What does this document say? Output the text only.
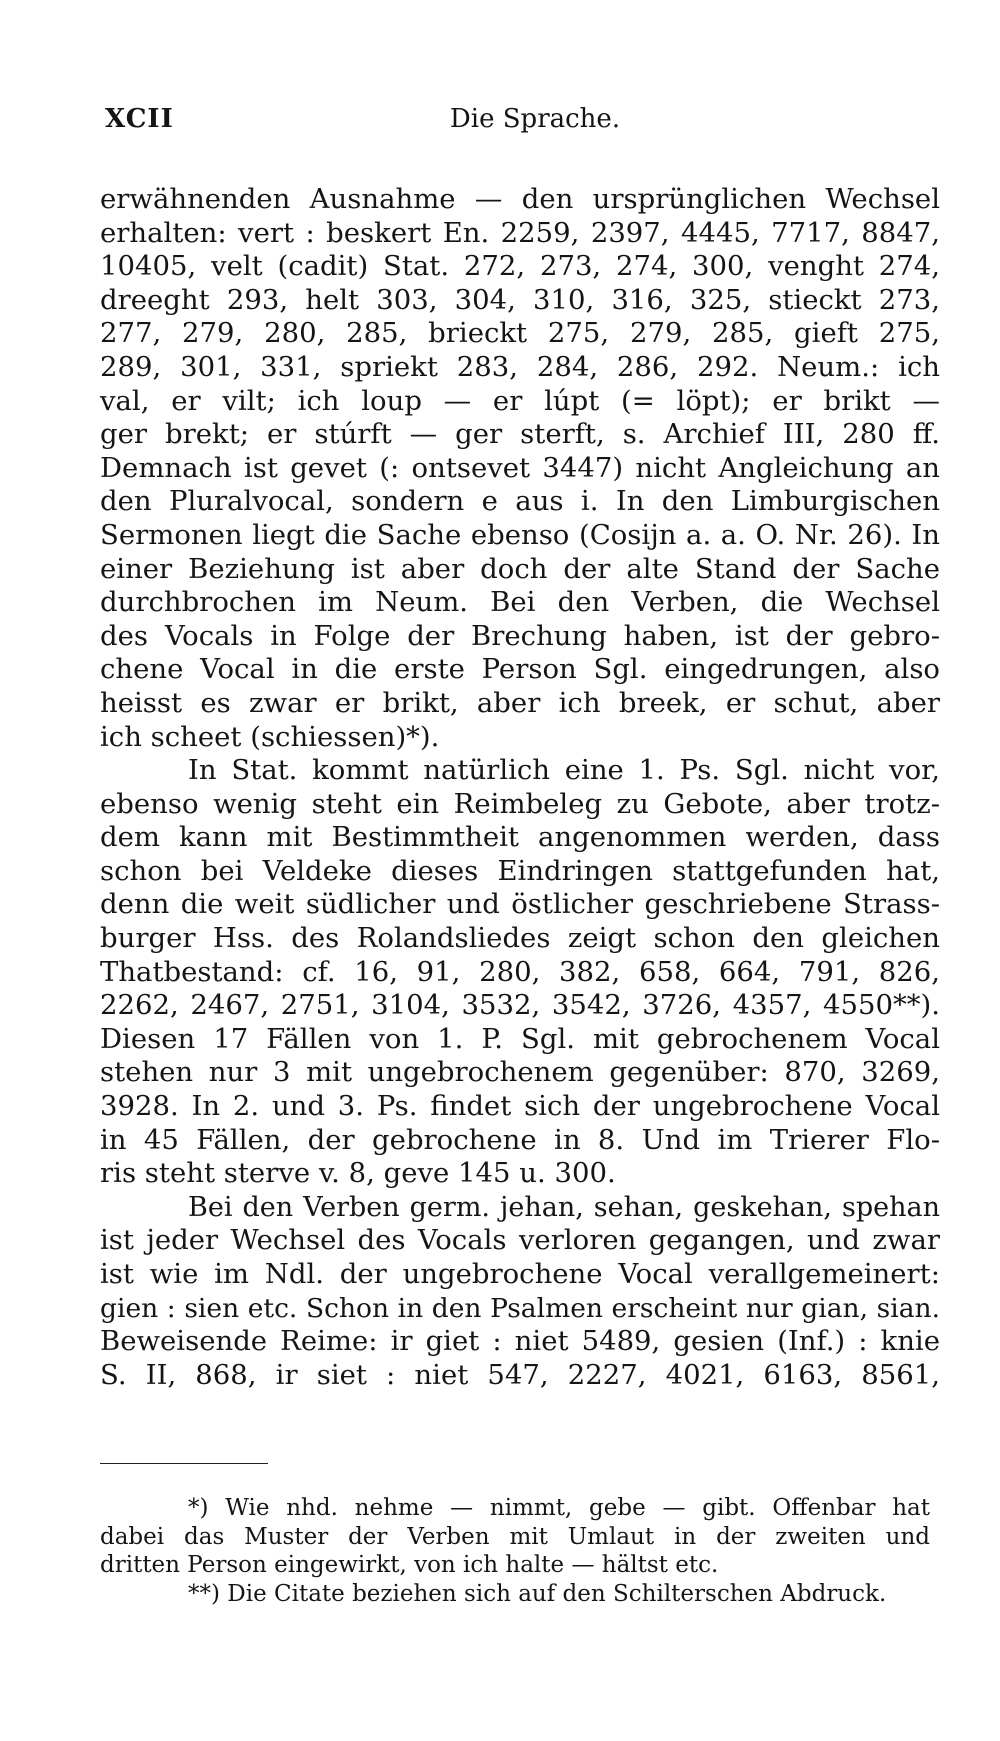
XCII	Die Sprache.
erwähnenden Ausnahme — den ursprünglichen Wechsel
erhalten: vert : beskert En. 2259, 2397, 4445, 7717, 8847,
10405, velt (cadit) Stat. 272, 273, 274, 300, venght 274,
dreeght 293, helt 303, 304, 310, 316, 325, stieckt 273,
277, 279, 280, 285, brieckt 275, 279, 285, gieft 275,
289, 301, 331, spriekt 283, 284, 286, 292. Neum.: ich
val, er vilt; ich loup — er lúpt (= löpt); er brikt —
ger brekt; er stúrft — ger sterft, s. Archief III, 280 ff.
Demnach ist gevet (: ontsevet 3447) nicht Angleichung an
den Pluralvocal, sondern e aus i. In den Limburgischen
Sermonen liegt die Sache ebenso (Cosijn a. a. O. Nr. 26). In
einer Beziehung ist aber doch der alte Stand der Sache
durchbrochen im Neum. Bei den Verben, die Wechsel
des Vocals in Folge der Brechung haben, ist der gebro-
chene Vocal in die erste Person Sgl. eingedrungen, also
heisst es zwar er brikt, aber ich breek, er schut, aber
ich scheet (schiessen)*).
In Stat. kommt natürlich eine 1. Ps. Sgl. nicht vor,
ebenso wenig steht ein Reimbeleg zu Gebote, aber trotz-
dem kann mit Bestimmtheit angenommen werden, dass
schon bei Veldeke dieses Eindringen stattgefunden hat,
denn die weit südlicher und östlicher geschriebene Strass-
burger Hss. des Rolandsliedes zeigt schon den gleichen
Thatbestand: cf. 16, 91, 280, 382, 658, 664, 791, 826,
2262, 2467, 2751, 3104, 3532, 3542, 3726, 4357, 4550**).
Diesen 17 Fällen von 1. P. Sgl. mit gebrochenem Vocal
stehen nur 3 mit ungebrochenem gegenüber: 870, 3269,
3928. In 2. und 3. Ps. findet sich der ungebrochene Vocal
in 45 Fällen, der gebrochene in 8. Und im Trierer Flo-
ris steht sterve v. 8, geve 145 u. 300.
Bei den Verben germ. jehan, sehan, geskehan, spehan
ist jeder Wechsel des Vocals verloren gegangen, und zwar
ist wie im Ndl. der ungebrochene Vocal verallgemeinert:
gien : sien etc. Schon in den Psalmen erscheint nur gian, sian.
Beweisende Reime: ir giet : niet 5489, gesien (Inf.) : knie
S. II, 868, ir siet : niet 547, 2227, 4021, 6163, 8561,
*) Wie nhd. nehme — nimmt, gebe — gibt. Offenbar hat
dabei das Muster der Verben mit Umlaut in der zweiten und
dritten Person eingewirkt, von ich halte — hältst etc.
**) Die Citate beziehen sich auf den Schilterschen Abdruck.
